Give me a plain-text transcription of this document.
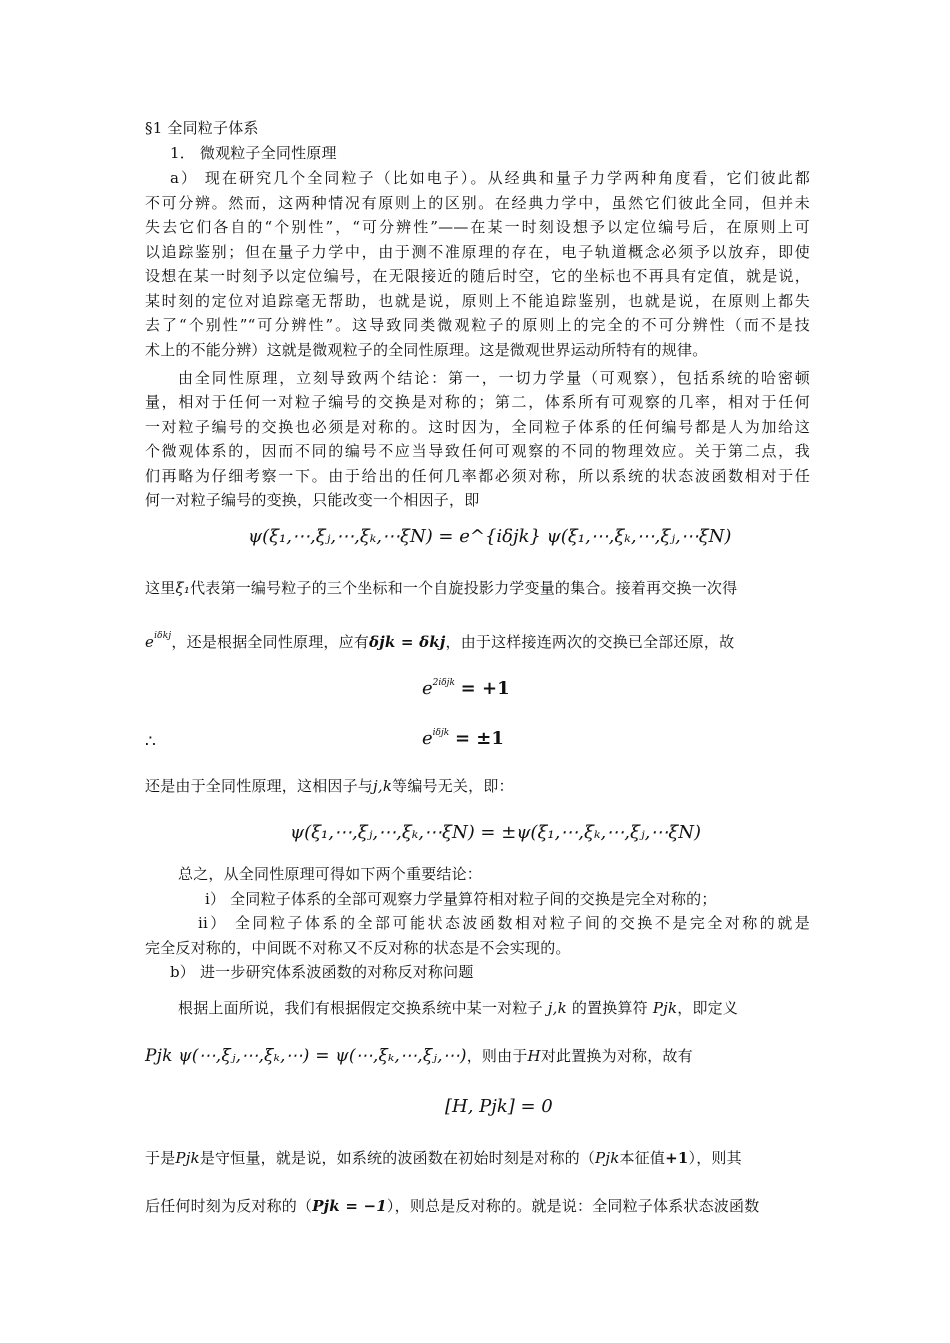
§1 全同粒子体系
1． 微观粒子全同性原理
a） 现在研究几个全同粒子（比如电子）。从经典和量子力学两种角度看，它们彼此都
不可分辨。然而，这两种情况有原则上的区别。在经典力学中，虽然它们彼此全同，但并未
失去它们各自的“个别性”，“可分辨性”——在某一时刻设想予以定位编号后，在原则上可
以追踪鉴别；但在量子力学中，由于测不准原理的存在，电子轨道概念必须予以放弃，即使
设想在某一时刻予以定位编号，在无限接近的随后时空，它的坐标也不再具有定值，就是说，
某时刻的定位对追踪毫无帮助，也就是说，原则上不能追踪鉴别，也就是说，在原则上都失
去了“个别性”“可分辨性”。这导致同类微观粒子的原则上的完全的不可分辨性（而不是技
术上的不能分辨）这就是微观粒子的全同性原理。这是微观世界运动所特有的规律。
由全同性原理，立刻导致两个结论：第一，一切力学量（可观察），包括系统的哈密顿
量，相对于任何一对粒子编号的交换是对称的；第二，体系所有可观察的几率，相对于任何
一对粒子编号的交换也必须是对称的。这时因为，全同粒子体系的任何编号都是人为加给这
个微观体系的，因而不同的编号不应当导致任何可观察的不同的物理效应。关于第二点，我
们再略为仔细考察一下。由于给出的任何几率都必须对称，所以系统的状态波函数相对于任
何一对粒子编号的变换，只能改变一个相因子，即
ψ(ξ₁,⋯,ξⱼ,⋯,ξₖ,⋯ξN) = e^{iδjk} ψ(ξ₁,⋯,ξₖ,⋯,ξⱼ,⋯ξN)
这里ξ₁代表第一编号粒子的三个坐标和一个自旋投影力学变量的集合。接着再交换一次得
$e^{i\delta kj}$，还是根据全同性原理，应有δjk = δkj，由于这样接连两次的交换已全部还原，故
$e^{2i\delta jk} = +1$
∴	$e^{i\delta jk} = \pm 1$
还是由于全同性原理，这相因子与j,k等编号无关，即：
ψ(ξ₁,⋯,ξⱼ,⋯,ξₖ,⋯ξN) = ±ψ(ξ₁,⋯,ξₖ,⋯,ξⱼ,⋯ξN)
总之，从全同性原理可得如下两个重要结论：
i） 全同粒子体系的全部可观察力学量算符相对粒子间的交换是完全对称的；
ii） 全同粒子体系的全部可能状态波函数相对粒子间的交换不是完全对称的就是
完全反对称的，中间既不对称又不反对称的状态是不会实现的。
b） 进一步研究体系波函数的对称反对称问题
根据上面所说，我们有根据假定交换系统中某一对粒子 j,k 的置换算符 Pjk，即定义
Pjk ψ(⋯,ξⱼ,⋯,ξₖ,⋯) = ψ(⋯,ξₖ,⋯,ξⱼ,⋯)，则由于H对此置换为对称，故有
[H, Pjk] = 0
于是Pjk是守恒量，就是说，如系统的波函数在初始时刻是对称的（Pjk本征值+1），则其
后任何时刻为反对称的（Pjk = −1），则总是反对称的。就是说：全同粒子体系状态波函数
